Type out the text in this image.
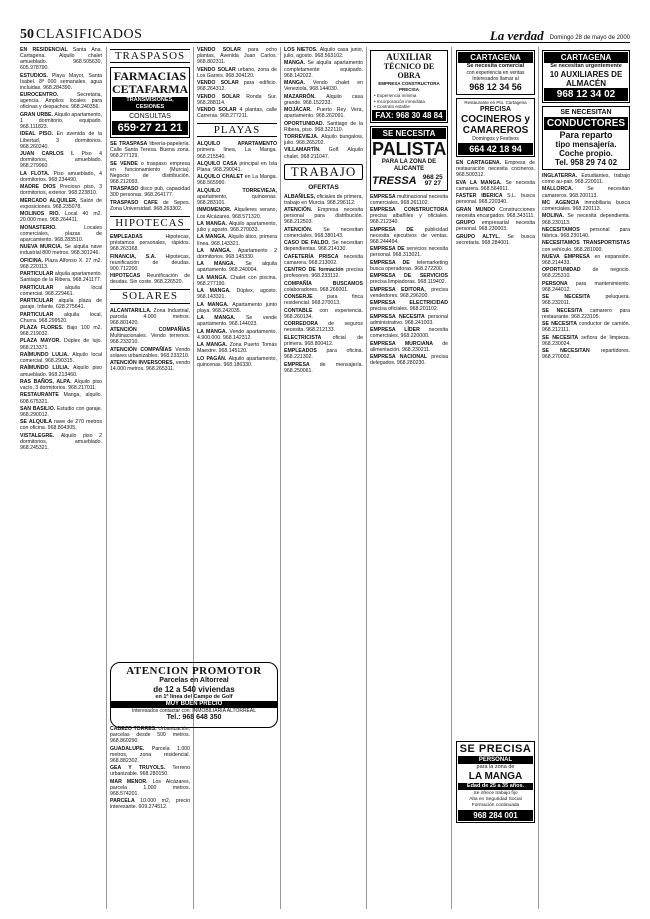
50 CLASIFICADOS	La verdad Domingo 28 de mayo de 2000

EN RESIDENCIAL Santa Ana. Cartagena. Alquilo chalet amueblado. 968.505630, 605.978790.

ESTUDIOS. Playa Mayor, Santa Isabel. 8ª 000 semanales, agua incluidas. 968.284390.

EUROCENTRO. Secretaria, agencia. Amplios locales para oficinas y despachos. 968.240356.

GRAN URBE. Alquilo apartamento, 1 dormitorio, equipado. 968.111823.

IDEAL PISO. En avenida de la Libertad, 3 dormitorios. 968.260240.

JUAN CARLOS I. Piso 4 dormitorios, amueblado. 968.279960.

LA FLOTA. Piso amueblado, 4 dormitorios. 968.234490.

MADRE DIOS Precioso piso, 3 dormitorios, exterior. 968.223810.

MERCADO ALQUILER, Salón de exposiciones. 968.235078.

MOLINOS RIO. Local 40 m2. 20.000 mes. 968.264411.

MONASTERIO. Locales comerciales, plazas de aparcamiento. 968.283510.

NUEVA MURCIA. Se alquila nave industrial 800 metros. 968.301246.

OFICINA. Plaza Alfonso X. 27 m2. 968.220113.

PARTICULAR alquila apartamento. Santiago de la Ribera. 968.241177.

PARTICULAR alquila local comercial. 968.229461.

PARTICULAR alquila plaza de garaje. Infante. 628.275641.

PARTICULAR alquila local, Churra. 968.299520.

PLAZA FLORES. Bajo 100 m2. 968.219032.

PLAZA MAYOR. Dúplex de lujo. 968.213371.

RAÍMUNDO LULIA. Alquilo local comercial. 968.290315.

RAÍMUNDO LULIA. Alquilo piso amueblado. 968.213460.

RAS BAÑOS, ALPA. Alquilo piso vacío, 3 dormitorios. 968.217011.

RESTAURANTE Manga, alquilo. 608.675321.

SAN BASILIO. Estudio con garaje. 968.290012.

SE ALQUILA nave de 270 metros con oficina. 968.804305.

VISTALEGRE. Alquilo piso 2 dormitorios, amueblado. 968.245321.

TRASPASOS
FARMACIAS
CETAFARMA
TRANSMISIONES, CESIONES
CONSULTAS
659·27 21 21

SE TRASPASA librería-papelería. Calle Santa Teresa. Buena zona. 968.277129.

SE VENDE o traspaso empresa en funcionamiento (Murcia). Negocio de distribución. 968.212093.

TRASPASO disco pub, capacidad 300 personas. 968.264177.

TRASPASO CAFE de Sepes. Zona Universidad. 968.263302.

HIPOTECAS

EMPLEADAS Hipotecas, préstamos personales, rápidos. 968.263168.

FINANCIA, S.A. Hipotecas, reunificación de deudas. 900.712200.

HIPOTECAS Reunificación de deudas. Sin coste. 968.226520.

SOLARES

ALCANTARILLA. Zona Industrial, parcela 4.000 metros. 968.801420.

ATENCIÓN COMPAÑÍAS Multinacionales. Vendo terrenos. 968.233210.

ATENCIÓN COMPAÑÍAS Vendo solares urbanizables. 968.233210.

ATENCIÓN INVERSORES, vendo 14.000 metros. 968.265311.

VENDO SOLAR para ocho plantas, Avenida Juan Carlos. 968.802311.

VENDO SOLAR urbano, zona de Los Garres. 968.304120.

VENDO SOLAR para edificio. 968.264312.

VENDO SOLAR Ronda Sur. 968.288114.

VENDO SOLAR 4 plantas, calle Carreras. 968.277211.

PLAYAS

ALQUILO APARTAMENTO primera línea, La Manga. 968.215540.

ALQUILO CASA principal en Isla Plana. 968.290041.

ALQUILO CHALET en La Manga. 968.565990.

ALQUILO TORREVIEJA, apartamento, quincenas. 968.283101.

INMOMENOR. Alquileres verano, Los Alcázares. 968.571320.

LA MANGA. Alquilo apartamento, julio y agosto. 968.270033.

LA MANGA. Alquilo ático, primera línea. 968.143321.

LA MANGA. Apartamento 2 dormitorios. 968.145330.

LA MANGA. Se alquila apartamento. 968.240004.

LA MANGA. Chalet con piscina. 968.277190.

LA MANGA. Dúplex, agosto. 968.143321.

LA MANGA. Apartamento junto playa. 968.242035.

LA MANGA. Se vende apartamento. 968.144023.

LA MANGA. Vendo apartamento, 4.900.000. 968.142312.

LA MANGA. Zona Puerto Tomás Maestre. 968.145120.

LO PAGÁN. Alquilo apartamento, quincenas. 968.186330.

ATENCION PROMOTOR
Parcelas en Altorreal
de 12 a 540 viviendas
en 1ª línea del Campo de Golf
MUY BUEN PRECIO
Interesados contactar con: INMOBILIARIA ALTORREAL
Tel.: 968 648 350

CABEZO TORRES. Urbanización, parcelas desde 500 metros. 968.860290.

GUADALUPE. Parcela 1.000 metros, zona residencial. 968.882302.

GEA Y TRUYOLS. Terreno urbanizable. 968.280150.

MAR MENOR. Los Alcázares, parcela 1.000 metros. 968.574201.

PARCELA 10.000 m2, precio interesante. 609.274512.

LOS NIETOS. Alquilo casa junio, julio, agosto. 968.563102.

MANGA. Se alquila apartamento completamente equipado. 968.142022.

MANGA. Vendo chalet en Veneziola. 968.144030.

MAZARRÓN. Alquilo casa grande. 968.152233.

MOJÁCAR. Puerto Rey Vera, apartamento. 968.262091.

OPORTUNIDAD. Santiago de la Ribera, piso. 968.322110.

TORREVIEJA. Alquilo bungalow, julio. 968.265202.

VILLAMARTÍN. Golf. Alquilo chalet. 968.211047.

TRABAJO
OFERTAS

ALBAÑILES, oficiales de primera, trabajo en Murcia. 968.296112.

ATENCIÓN. Empresa necesita personal para distribución. 968.212503.

ATENCIÓN. Se necesitan comerciales. 968.380143.

CASO DE FALDO. Se necesitan dependientas. 968.214130.

CAFETERÍA PRISCA necesita camarera. 968.213002.

CENTRO DE formación precisa profesores. 968.233112.

COMPAÑÍA BUSCAMOS colaboradores. 968.266001.

CONSERJE para finca residencial. 968.270013.

CONTABLE con experiencia. 968.260134.

CORREDORA de seguros necesita. 968.212133.

ELECTRICISTA oficial de primera. 968.800412.

EMPLEADOS para oficina. 968.221302.

EMPRESA de mensajería. 968.250061.

AUXILIAR
TÉCNICO DE OBRA
EMPRESA CONSTRUCTORA PRECISA
• Experiencia mínima
• Incorporación inmediata
• Contrato estable
FAX: 968 30 48 84
SE NECESITA
PALISTA
PARA LA ZONA DE ALICANTE
TRESSA 968 25 97 27

EMPRESA multinacional necesita comerciales. 968.261102.

EMPRESA CONSTRUCTORA precisa albañiles y oficiales. 968.212340.

EMPRESA DE publicidad necesita ejecutivos de ventas. 968.244494.

EMPRESA DE servicios necesita personal. 968.313021.

EMPRESA DE telemarketing busca operadoras. 968.272200.

EMPRESA DE SERVICIOS precisa limpiadoras. 968.119402.

EMPRESA EDITORA, precisa vendedores. 968.296200.

EMPRESA ELECTRICIDAD precisa oficiales. 968.201102.

EMPRESA NECESITA personal administrativo. 968.241003.

EMPRESA LÍDER necesita comerciales. 968.220000.

EMPRESA MURCIANA de alimentación. 968.230211.

EMPRESA NACIONAL precisa delegados. 968.280230.

CARTAGENA
Se necesita comercial
con experiencia en ventas
Interesados llamar al
968 12 34 56
Restaurante en Pto. Cartagena
PRECISA
COCINEROS y
CAMAREROS
Domingos y Festivos
664 42 18 94

EN CARTAGENA. Empresa de restauración necesita cocineros. 968.500312.

EVA LA MANGA. Se necesita camarera. 968.564911.

FASTER IBERICA S.L. busca personal. 968.220340.

GRAN MUNDO Construcciones necesita encargados. 968.343111.

GRUPO empresarial necesita personal. 968.230003.

GRUPO ALTYL. Se busca secretaria. 968.284001.

SE PRECISA
PERSONAL
para la zona de
LA MANGA
Edad de 25 a 35 años.
Se ofrece trabajo fijo
Alta en Seguridad Social
Formación continuada
968 284 001
CARTAGENA
Se necesitan urgentemente
10 AUXILIARES DE ALMACÉN
968 12 34 02
SE NECESITAN
CONDUCTORES
Para reparto
tipo mensajería.
Coche propio.
Tel. 958 29 74 02

INGLATERRA. Estudiantes, trabajo como au-pair. 968.220011.

MALLORCA. Se necesitan camareros. 968.200113.

MC AGENCIA inmobiliaria busca comerciales. 968.220113.

MOLINA. Se necesita dependienta. 968.230113.

NECESITAMOS personal para fábrica. 968.230140.

NECESITAMOS TRANSPORTISTAS con vehículo. 968.281000.

NUEVA EMPRESA en expansión. 968.214433.

OPORTUNIDAD de negocio. 968.225310.

PERSONA para mantenimiento. 968.244012.

SE NECESITA peluquera. 968.232011.

SE NECESITA camarero para restaurante. 968.223105.

SE NECESITA conductor de camión. 968.212111.

SE NECESITA señora de limpieza. 968.230024.

SE NECESITAN repartidores. 968.270002.
